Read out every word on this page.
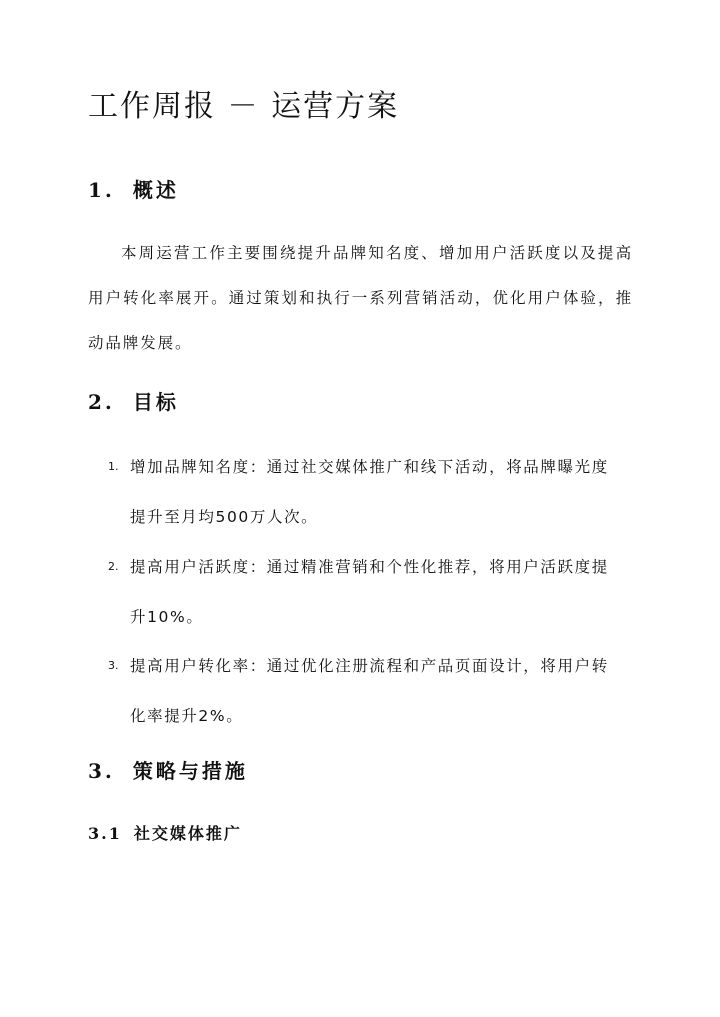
工作周报 － 运营方案
1. 概述

本周运营工作主要围绕提升品牌知名度、增加用户活跃度以及提高用户转化率展开。通过策划和执行一系列营销活动，优化用户体验，推动品牌发展。

2. 目标
1. 增加品牌知名度：通过社交媒体推广和线下活动，将品牌曝光度提升至月均500万人次。
2. 提高用户活跃度：通过精准营销和个性化推荐，将用户活跃度提升10%。
3. 提高用户转化率：通过优化注册流程和产品页面设计，将用户转化率提升2%。
3. 策略与措施
3.1 社交媒体推广
